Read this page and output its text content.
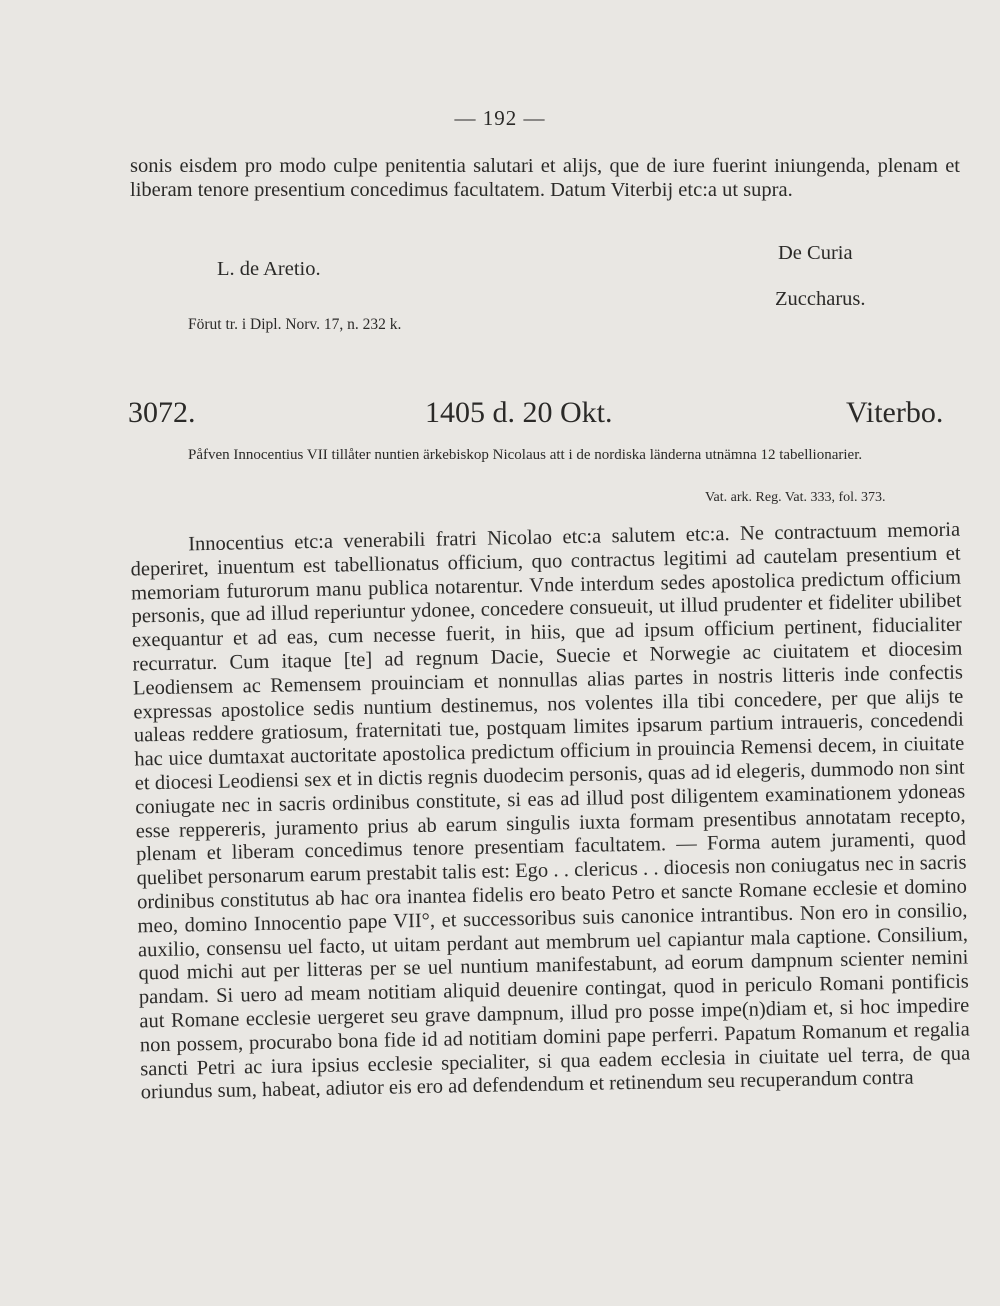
— 192 —
sonis eisdem pro modo culpe penitentia salutari et alijs, que de iure fuerint iniungenda, plenam et liberam tenore presentium concedimus facultatem. Datum Viterbij etc:a ut supra.
L. de Aretio.
De Curia
Zuccharus.
Förut tr. i Dipl. Norv. 17, n. 232 k.
3072.	1405 d. 20 Okt.	Viterbo.
Påfven Innocentius VII tillåter nuntien ärkebiskop Nicolaus att i de nordiska länderna utnämna 12 tabellionarier.
Vat. ark. Reg. Vat. 333, fol. 373.
Innocentius etc:a venerabili fratri Nicolao etc:a salutem etc:a. Ne contractuum memoria deperiret, inuentum est tabellionatus officium, quo contractus legitimi ad cautelam presentium et memoriam futurorum manu publica notarentur. Vnde interdum sedes apostolica predictum officium personis, que ad illud reperiuntur ydonee, concedere consueuit, ut illud prudenter et fideliter ubilibet exequantur et ad eas, cum necesse fuerit, in hiis, que ad ipsum officium pertinent, fiducialiter recurratur. Cum itaque [te] ad regnum Dacie, Suecie et Norwegie ac ciuitatem et diocesim Leodiensem ac Remensem prouinciam et nonnullas alias partes in nostris litteris inde confectis expressas apostolice sedis nuntium destinemus, nos volentes illa tibi concedere, per que alijs te ualeas reddere gratiosum, fraternitati tue, postquam limites ipsarum partium intraueris, concedendi hac uice dumtaxat auctoritate apostolica predictum officium in prouincia Remensi decem, in ciuitate et diocesi Leodiensi sex et in dictis regnis duodecim personis, quas ad id elegeris, dummodo non sint coniugate nec in sacris ordinibus constitute, si eas ad illud post diligentem examinationem ydoneas esse reppereris, juramento prius ab earum singulis iuxta formam presentibus annotatam recepto, plenam et liberam concedimus tenore presentiam facultatem. — Forma autem juramenti, quod quelibet personarum earum prestabit talis est: Ego . . clericus . . diocesis non coniugatus nec in sacris ordinibus constitutus ab hac ora inantea fidelis ero beato Petro et sancte Romane ecclesie et domino meo, domino Innocentio pape VII°, et successoribus suis canonice intrantibus. Non ero in consilio, auxilio, consensu uel facto, ut uitam perdant aut membrum uel capiantur mala captione. Consilium, quod michi aut per litteras per se uel nuntium manifestabunt, ad eorum dampnum scienter nemini pandam. Si uero ad meam notitiam aliquid deuenire contingat, quod in periculo Romani pontificis aut Romane ecclesie uergeret seu grave dampnum, illud pro posse impe(n)diam et, si hoc impedire non possem, procurabo bona fide id ad notitiam domini pape perferri. Papatum Romanum et regalia sancti Petri ac iura ipsius ecclesie specialiter, si qua eadem ecclesia in ciuitate uel terra, de qua oriundus sum, habeat, adiutor eis ero ad defendendum et retinendum seu recuperandum contra
